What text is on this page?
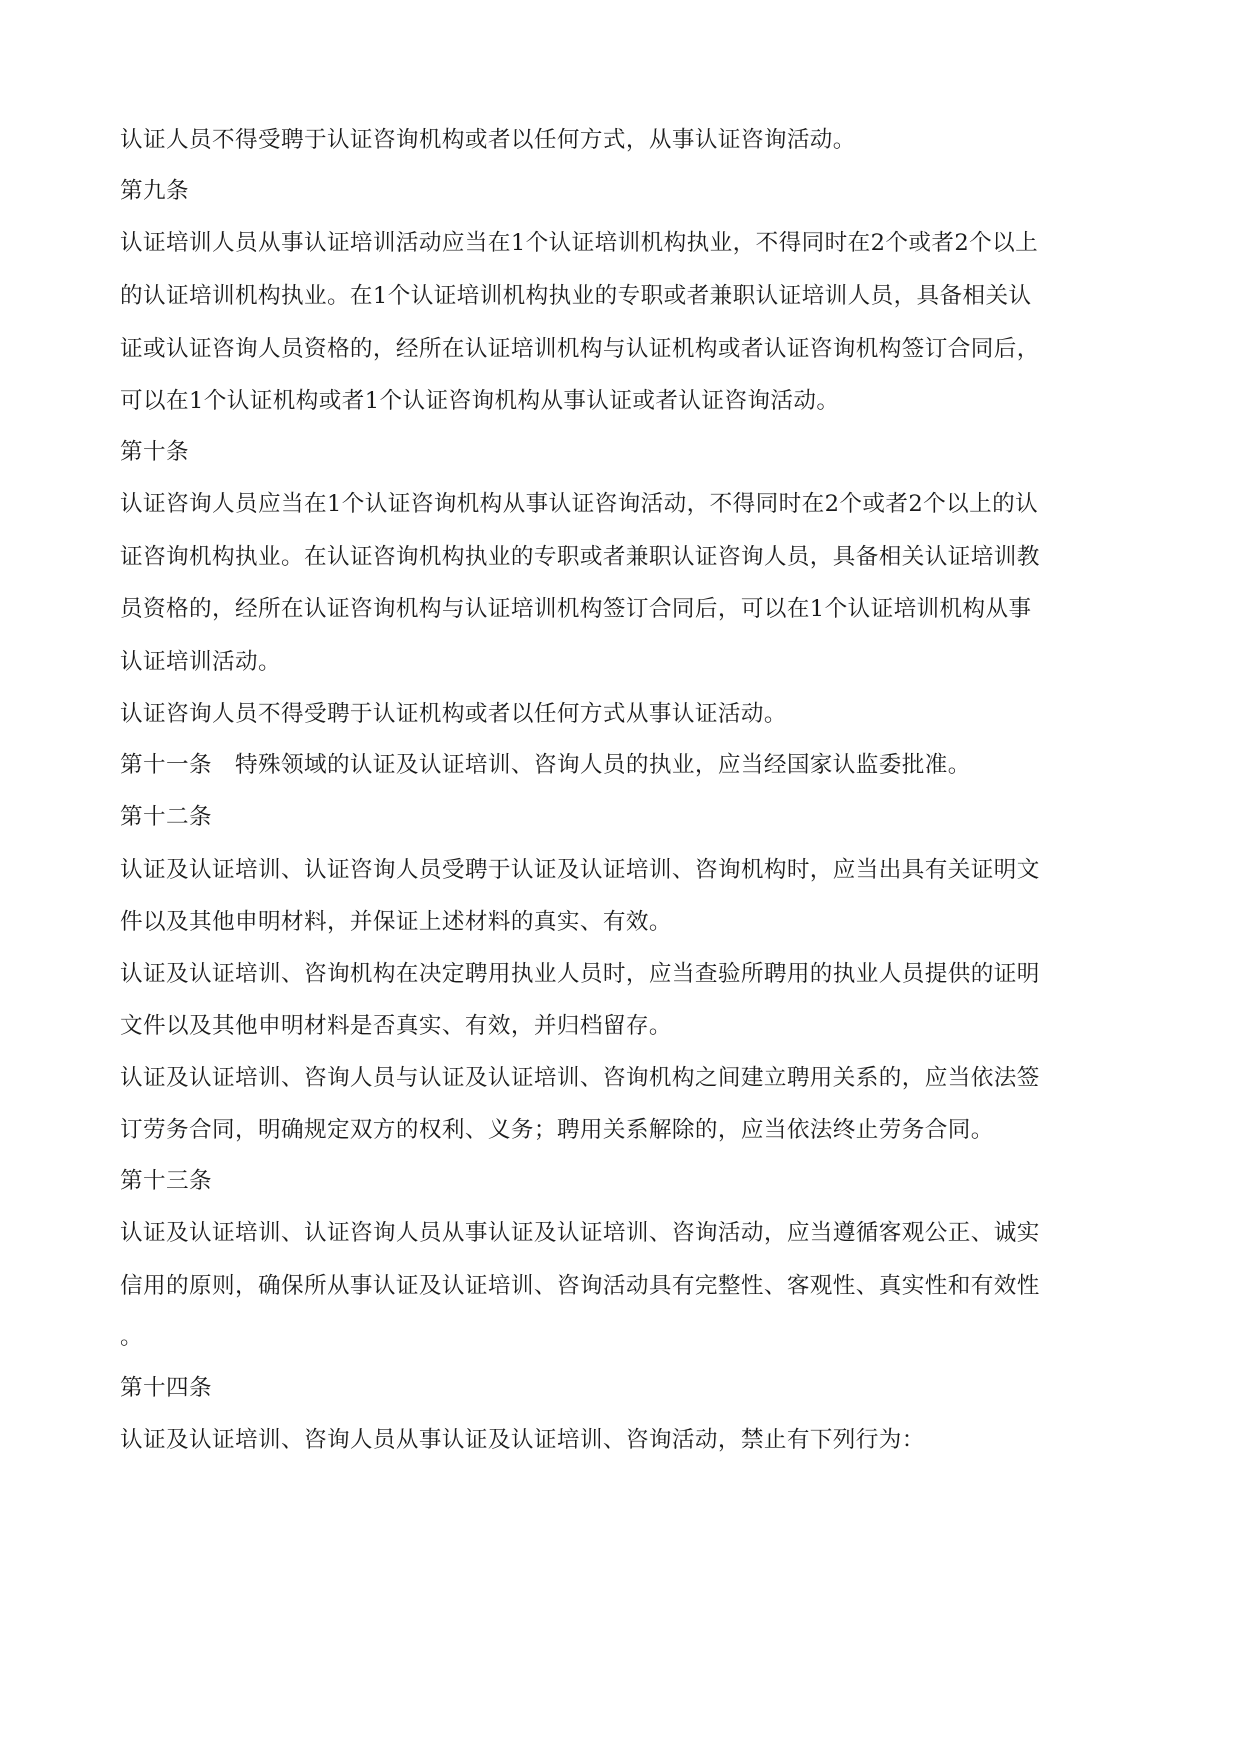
认证人员不得受聘于认证咨询机构或者以任何方式，从事认证咨询活动。
第九条
认证培训人员从事认证培训活动应当在1个认证培训机构执业，不得同时在2个或者2个以上
的认证培训机构执业。在1个认证培训机构执业的专职或者兼职认证培训人员，具备相关认
证或认证咨询人员资格的，经所在认证培训机构与认证机构或者认证咨询机构签订合同后，
可以在1个认证机构或者1个认证咨询机构从事认证或者认证咨询活动。
第十条
认证咨询人员应当在1个认证咨询机构从事认证咨询活动，不得同时在2个或者2个以上的认
证咨询机构执业。在认证咨询机构执业的专职或者兼职认证咨询人员，具备相关认证培训教
员资格的，经所在认证咨询机构与认证培训机构签订合同后，可以在1个认证培训机构从事
认证培训活动。
认证咨询人员不得受聘于认证机构或者以任何方式从事认证活动。
第十一条　特殊领域的认证及认证培训、咨询人员的执业，应当经国家认监委批准。
第十二条
认证及认证培训、认证咨询人员受聘于认证及认证培训、咨询机构时，应当出具有关证明文
件以及其他申明材料，并保证上述材料的真实、有效。
认证及认证培训、咨询机构在决定聘用执业人员时，应当查验所聘用的执业人员提供的证明
文件以及其他申明材料是否真实、有效，并归档留存。
认证及认证培训、咨询人员与认证及认证培训、咨询机构之间建立聘用关系的，应当依法签
订劳务合同，明确规定双方的权利、义务；聘用关系解除的，应当依法终止劳务合同。
第十三条
认证及认证培训、认证咨询人员从事认证及认证培训、咨询活动，应当遵循客观公正、诚实
信用的原则，确保所从事认证及认证培训、咨询活动具有完整性、客观性、真实性和有效性
。
第十四条
认证及认证培训、咨询人员从事认证及认证培训、咨询活动，禁止有下列行为：
